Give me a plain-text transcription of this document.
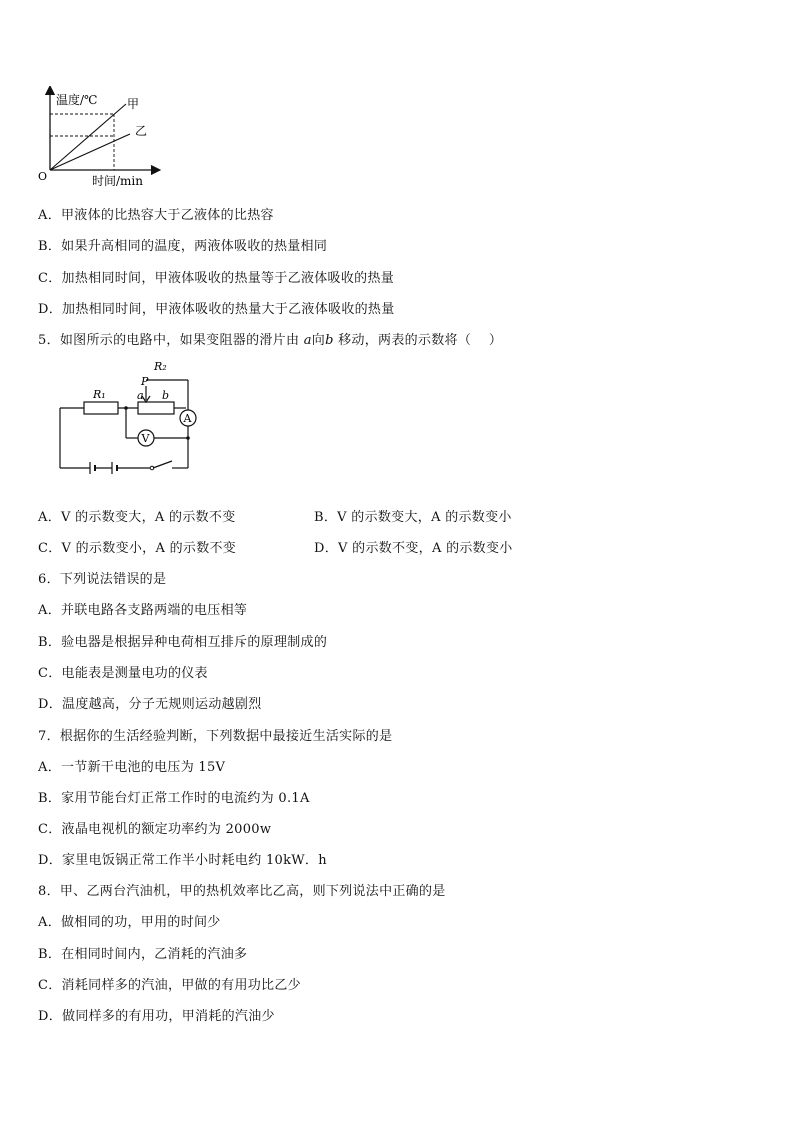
温度/℃ 甲
乙
O	时间/min
A．甲液体的比热容大于乙液体的比热容
B．如果升高相同的温度，两液体吸收的热量相同
C．加热相同时间，甲液体吸收的热量等于乙液体吸收的热量
D．加热相同时间，甲液体吸收的热量大于乙液体吸收的热量
5．如图所示的电路中，如果变阻器的滑片由 a向b 移动，两表的示数将（　 ）
A
V
R₁
R₂
P
a b
A．V 的示数变大，A 的示数不变	B．V 的示数变大，A 的示数变小
C．V 的示数变小，A 的示数不变	D．V 的示数不变，A 的示数变小
6．下列说法错误的是
A．并联电路各支路两端的电压相等
B．验电器是根据异种电荷相互排斥的原理制成的
C．电能表是测量电功的仪表
D．温度越高，分子无规则运动越剧烈
7．根据你的生活经验判断，下列数据中最接近生活实际的是
A．一节新干电池的电压为 15V
B．家用节能台灯正常工作时的电流约为 0.1A
C．液晶电视机的额定功率约为 2000w
D．家里电饭锅正常工作半小时耗电约 10kW．h
8．甲、乙两台汽油机，甲的热机效率比乙高，则下列说法中正确的是
A．做相同的功，甲用的时间少
B．在相同时间内，乙消耗的汽油多
C．消耗同样多的汽油，甲做的有用功比乙少
D．做同样多的有用功，甲消耗的汽油少
